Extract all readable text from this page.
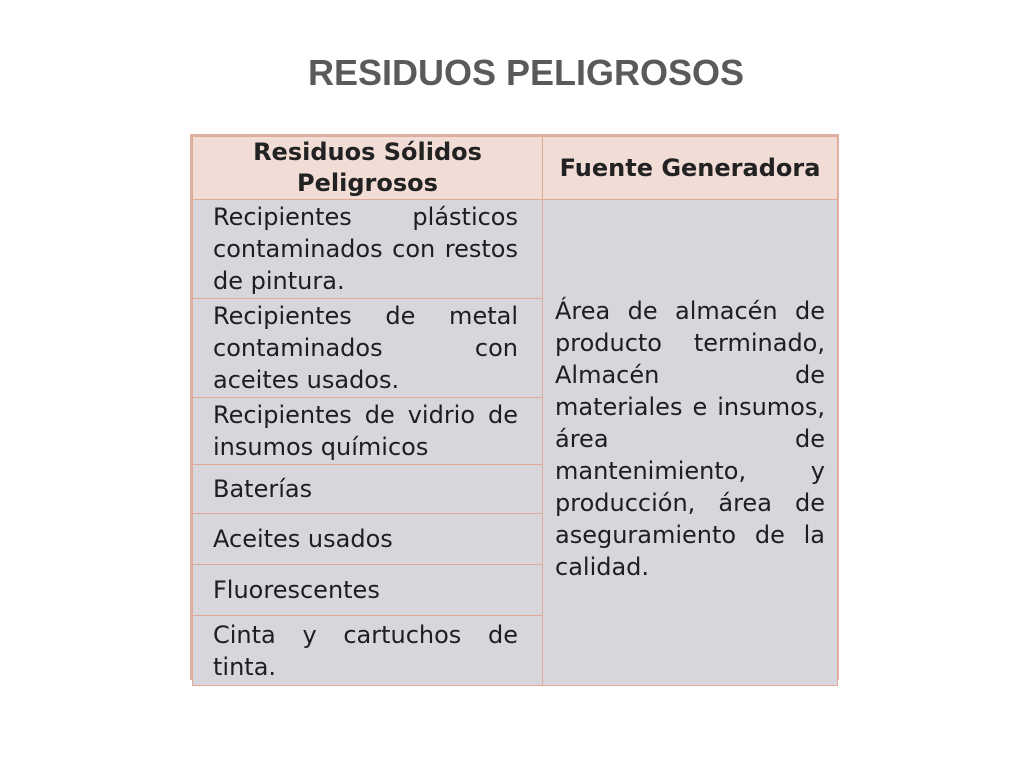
RESIDUOS PELIGROSOS
Residuos Sólidos Peligrosos	Fuente Generadora
Recipientes plásticos contaminados con restos de pintura.	Área de almacén de producto terminado, Almacén de materiales e insumos, área de mantenimiento, y producción, área de aseguramiento de la calidad.
Recipientes de metal contaminados con aceites usados.	
Recipientes de vidrio de insumos químicos	
Baterías	
Aceites usados	
Fluorescentes	
Cinta y cartuchos de tinta.	
